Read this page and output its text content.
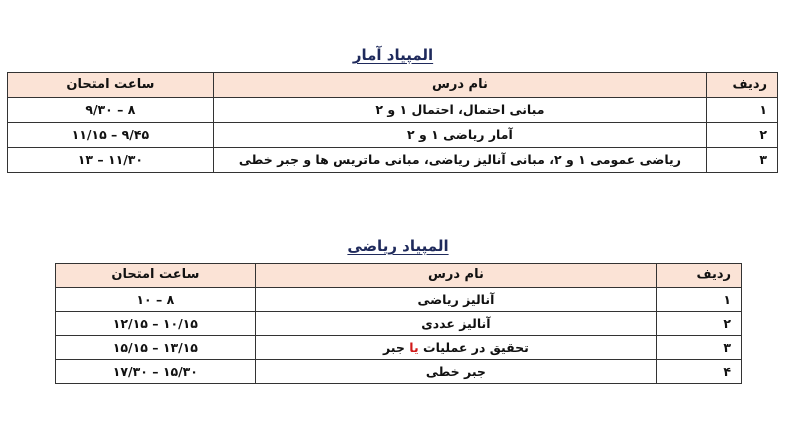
المپیاد آمار
ردیف	نام درس	ساعت امتحان
۱	مبانی احتمال، احتمال ۱ و ۲	۸ – ۹/۳۰
۲	آمار ریاضی ۱ و ۲	۹/۴۵ – ۱۱/۱۵
۳	ریاضی عمومی ۱ و ۲، مبانی آنالیز ریاضی، مبانی ماتریس ها و جبر خطی	۱۱/۳۰ – ۱۳
المپیاد ریاضی
ردیف	نام درس	ساعت امتحان
۱	آنالیز ریاضی	۸ – ۱۰
۲	آنالیز عددی	۱۰/۱۵ – ۱۲/۱۵
۳	تحقیق در عملیات یا جبر	۱۳/۱۵ – ۱۵/۱۵
۴	جبر خطی	۱۵/۳۰ – ۱۷/۳۰
